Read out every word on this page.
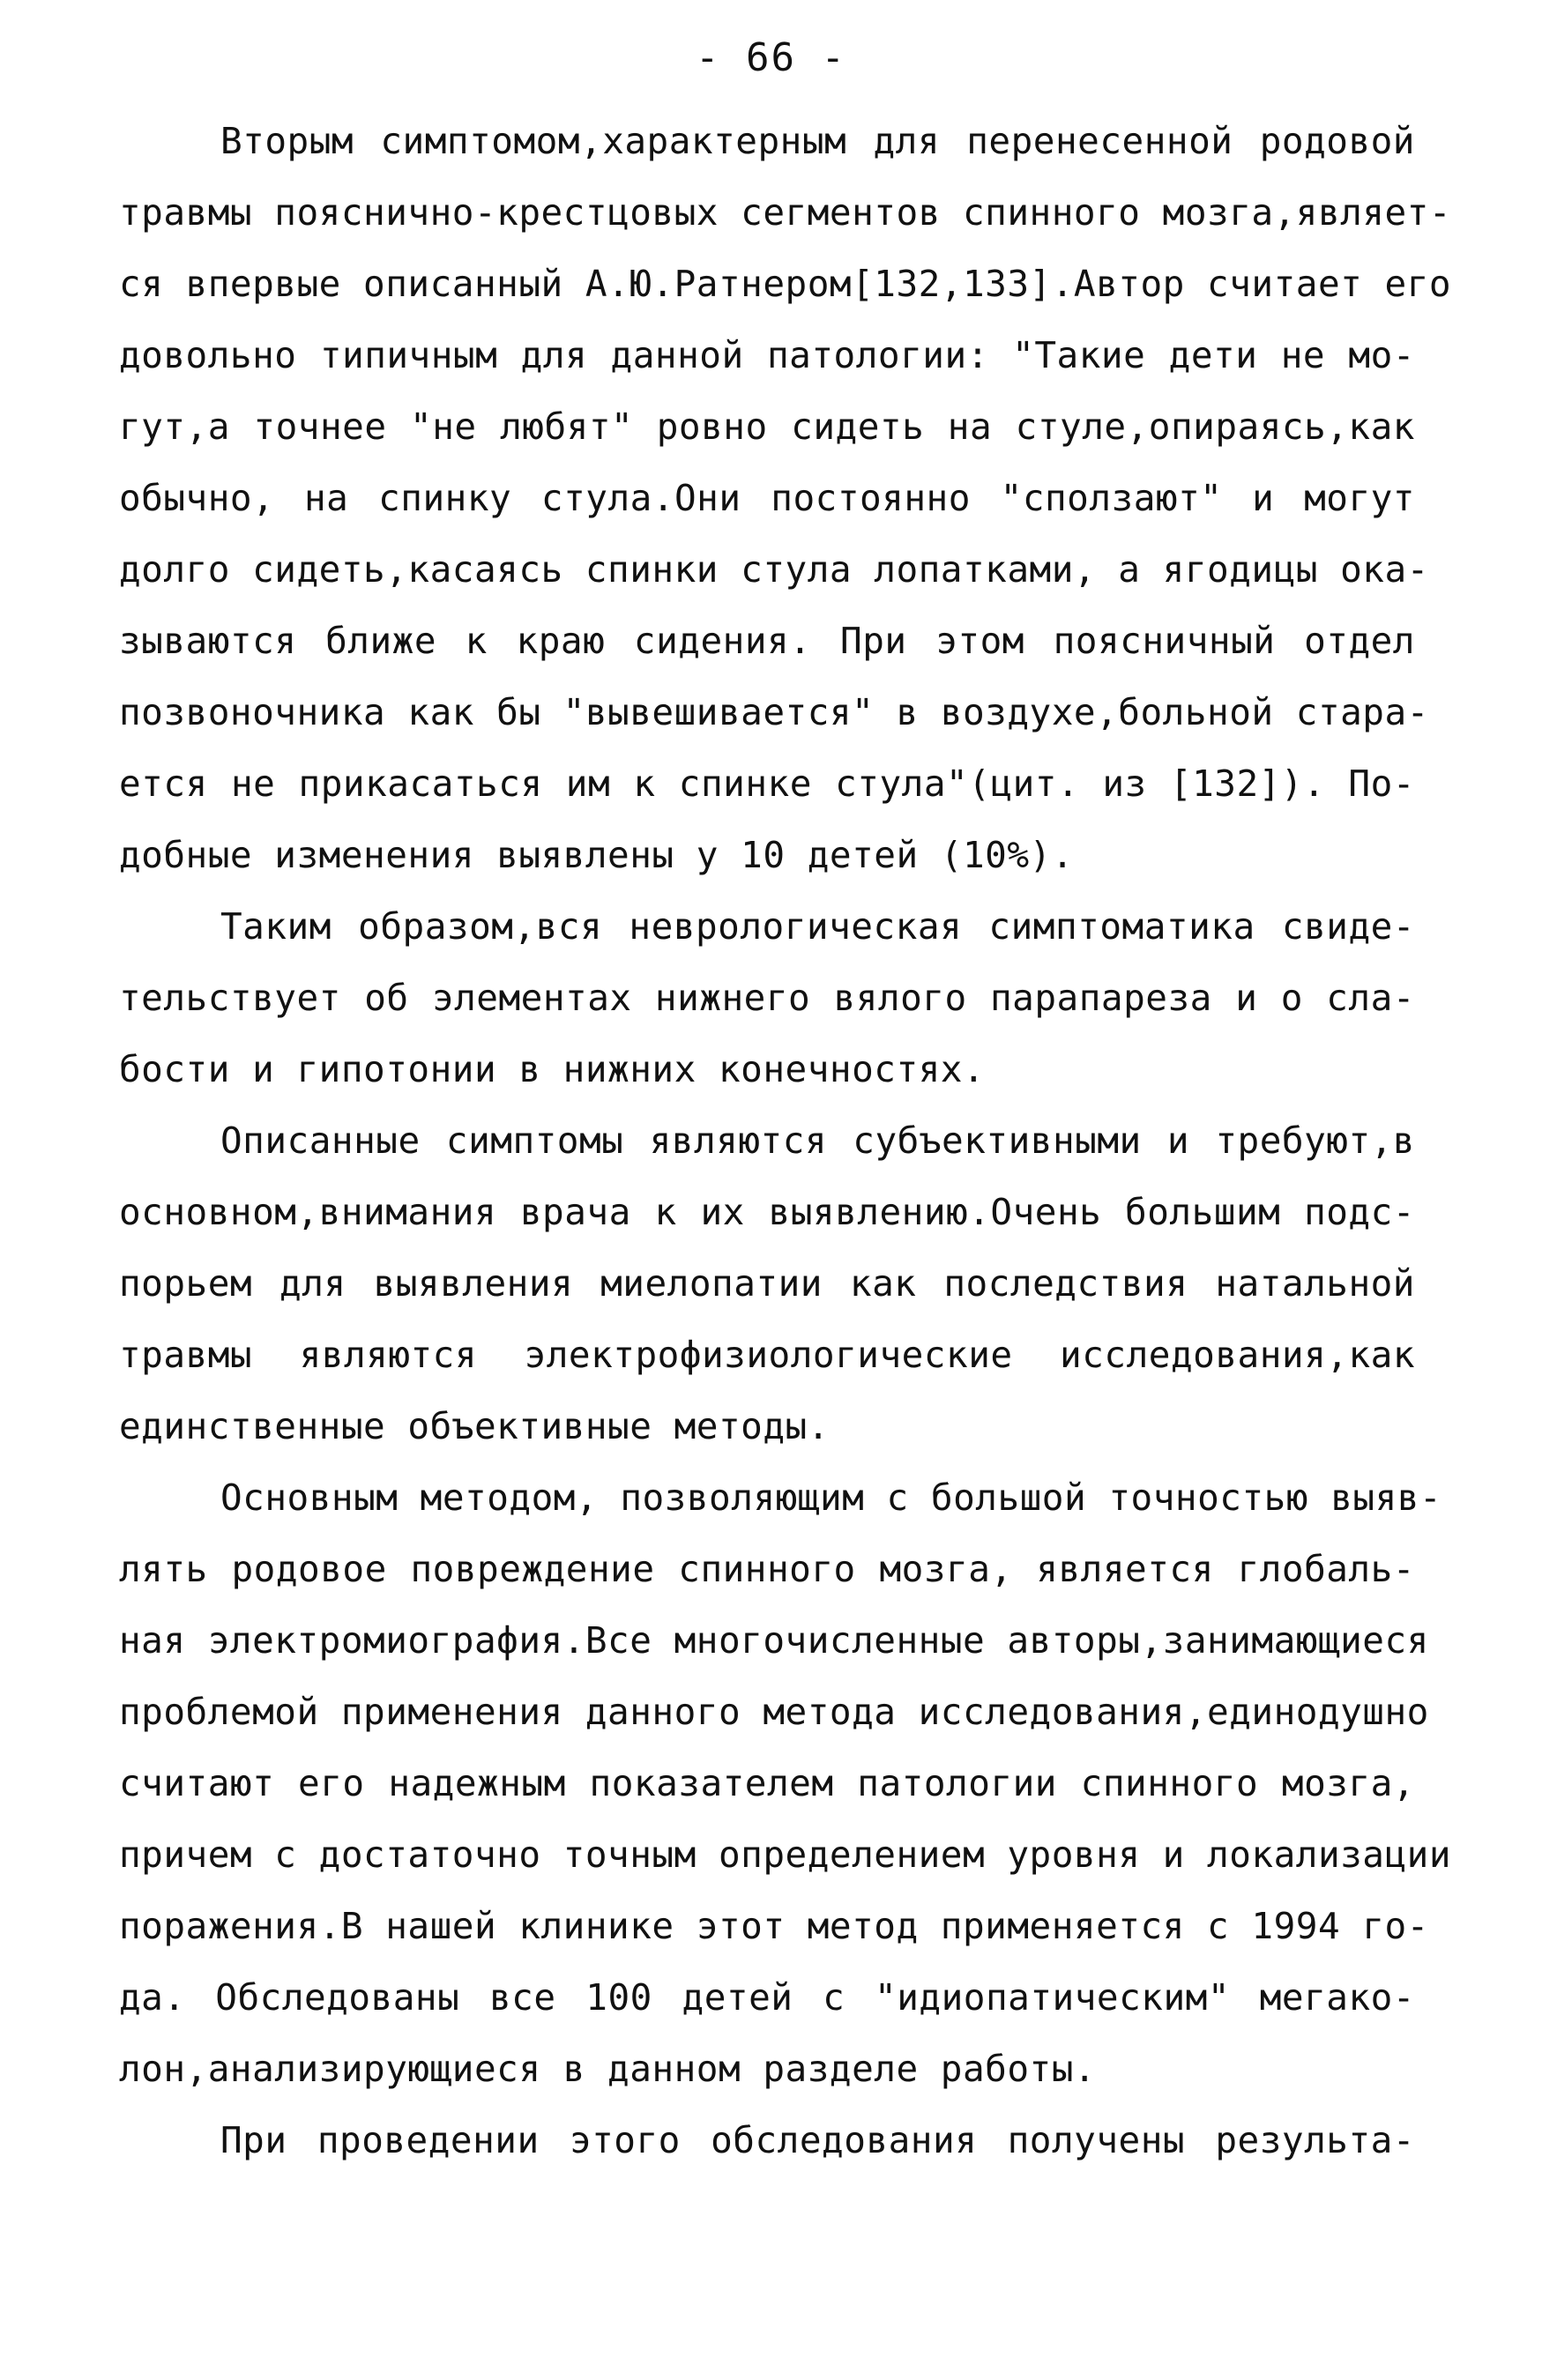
- 66 -
Вторым симптомом,характерным для перенесенной родовой
травмы пояснично-крестцовых сегментов спинного мозга,являет-
ся впервые описанный А.Ю.Ратнером[132,133].Автор считает его
довольно типичным для данной патологии: "Такие дети не мо-
гут,а точнее "не любят" ровно сидеть на стуле,опираясь,как
обычно, на спинку стула.Они постоянно "сползают" и могут
долго сидеть,касаясь спинки стула лопатками, а ягодицы ока-
зываются ближе к краю сидения. При этом поясничный отдел
позвоночника как бы "вывешивается" в воздухе,больной стара-
ется не прикасаться им к спинке стула"(цит. из [132]). По-
добные изменения выявлены у 10 детей (10%).
Таким образом,вся неврологическая симптоматика свиде-
тельствует об элементах нижнего вялого парапареза и о сла-
бости и гипотонии в нижних конечностях.
Описанные симптомы являются субъективными и требуют,в
основном,внимания врача к их выявлению.Очень большим подс-
порьем для выявления миелопатии как последствия натальной
травмы являются электрофизиологические исследования,как
единственные объективные методы.
Основным методом, позволяющим с большой точностью выяв-
лять родовое повреждение спинного мозга, является глобаль-
ная электромиография.Все многочисленные авторы,занимающиеся
проблемой применения данного метода исследования,единодушно
считают его надежным показателем патологии спинного мозга,
причем с достаточно точным определением уровня и локализации
поражения.В нашей клинике этот метод применяется с 1994 го-
да. Обследованы все 100 детей с "идиопатическим" мегако-
лон,анализирующиеся в данном разделе работы.
При проведении этого обследования получены результа-
